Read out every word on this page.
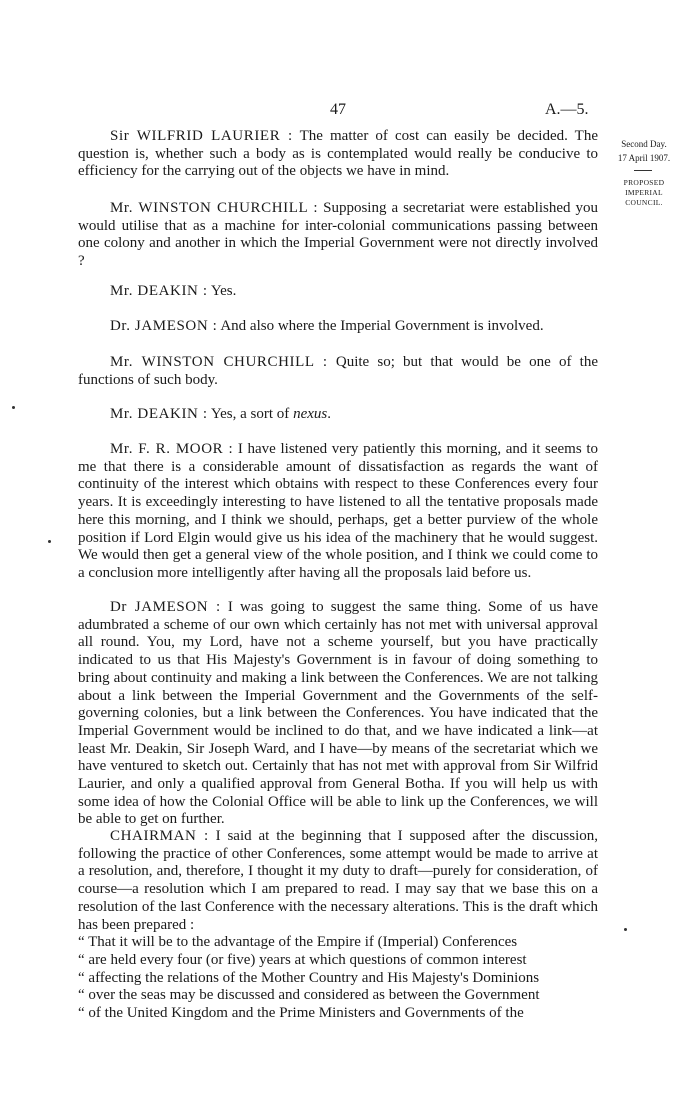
47	A.—5.
Second Day.
17 April 1907.
PROPOSED
IMPERIAL
COUNCIL.

Sir WILFRID LAURIER : The matter of cost can easily be decided. The question is, whether such a body as is contemplated would really be conducive to efficiency for the carrying out of the objects we have in mind.

Mr. WINSTON CHURCHILL : Supposing a secretariat were established you would utilise that as a machine for inter-colonial communications passing between one colony and another in which the Imperial Government were not directly involved ?

Mr. DEAKIN : Yes.

Dr. JAMESON : And also where the Imperial Government is involved.

Mr. WINSTON CHURCHILL : Quite so; but that would be one of the functions of such body.

Mr. DEAKIN : Yes, a sort of nexus.

Mr. F. R. MOOR : I have listened very patiently this morning, and it seems to me that there is a considerable amount of dissatisfaction as regards the want of continuity of the interest which obtains with respect to these Conferences every four years. It is exceedingly interesting to have listened to all the tentative proposals made here this morning, and I think we should, perhaps, get a better purview of the whole position if Lord Elgin would give us his idea of the machinery that he would suggest. We would then get a general view of the whole position, and I think we could come to a conclusion more intelligently after having all the proposals laid before us.

Dr JAMESON : I was going to suggest the same thing. Some of us have adumbrated a scheme of our own which certainly has not met with universal approval all round. You, my Lord, have not a scheme yourself, but you have practically indicated to us that His Majesty's Government is in favour of doing something to bring about continuity and making a link between the Conferences. We are not talking about a link between the Imperial Government and the Governments of the self-governing colonies, but a link between the Conferences. You have indicated that the Imperial Government would be inclined to do that, and we have indicated a link—at least Mr. Deakin, Sir Joseph Ward, and I have—by means of the secretariat which we have ventured to sketch out. Certainly that has not met with approval from Sir Wilfrid Laurier, and only a qualified approval from General Botha. If you will help us with some idea of how the Colonial Office will be able to link up the Conferences, we will be able to get on further.

CHAIRMAN : I said at the beginning that I supposed after the discussion, following the practice of other Conferences, some attempt would be made to arrive at a resolution, and, therefore, I thought it my duty to draft—purely for consideration, of course—a resolution which I am prepared to read. I may say that we base this on a resolution of the last Conference with the necessary alterations. This is the draft which has been prepared :

“ That it will be to the advantage of the Empire if (Imperial) Conferences
“ are held every four (or five) years at which questions of common interest
“ affecting the relations of the Mother Country and His Majesty's Dominions
“ over the seas may be discussed and considered as between the Government
“ of the United Kingdom and the Prime Ministers and Governments of the
